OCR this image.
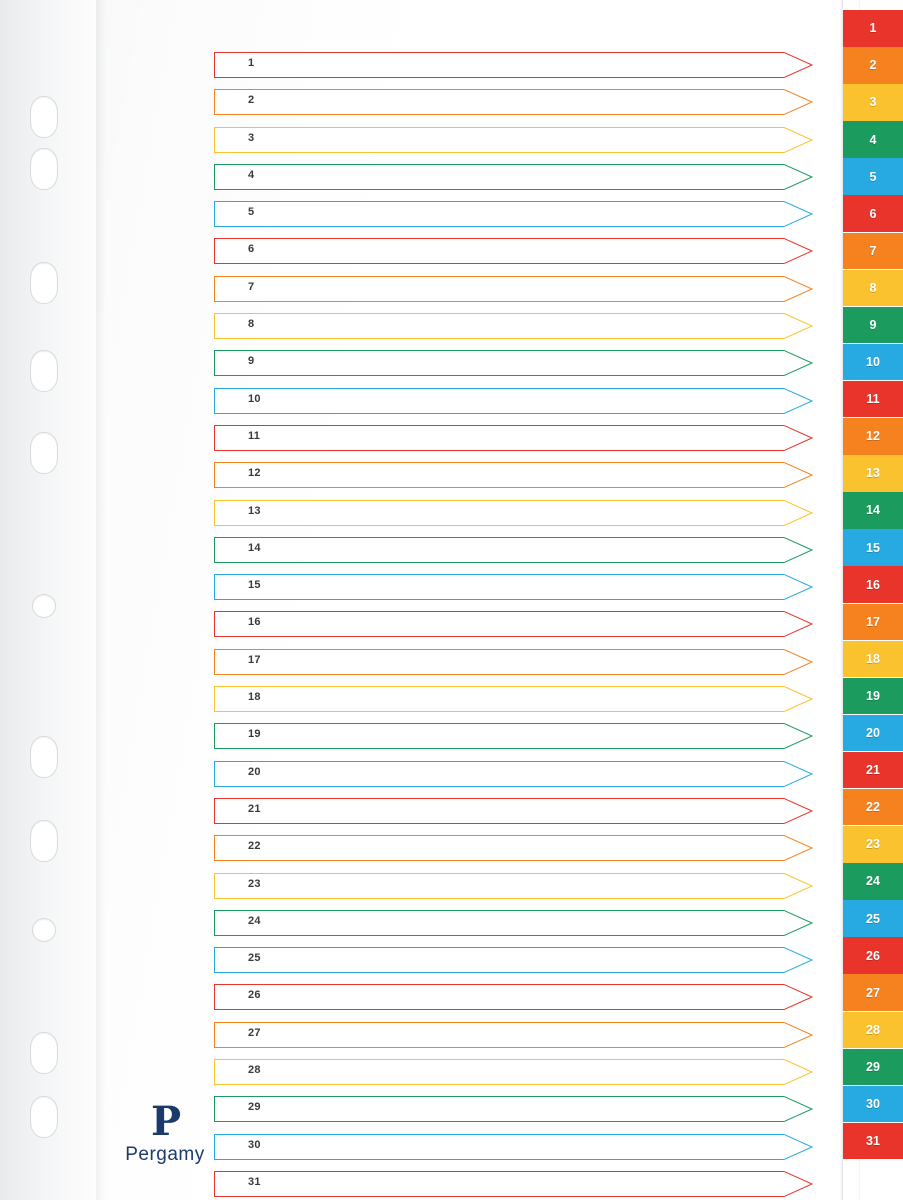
1
2
3
4
5
6
7
8
9
10
11
12
13
14
15
16
17
18
19
20
21
22
23
24
25
26
27
28
29
30
31
1
2
3
4
5
6
7
8
9
10
11
12
13
14
15
16
17
18
19
20
21
22
23
24
25
26
27
28
29
30
31
P
Pergamy
